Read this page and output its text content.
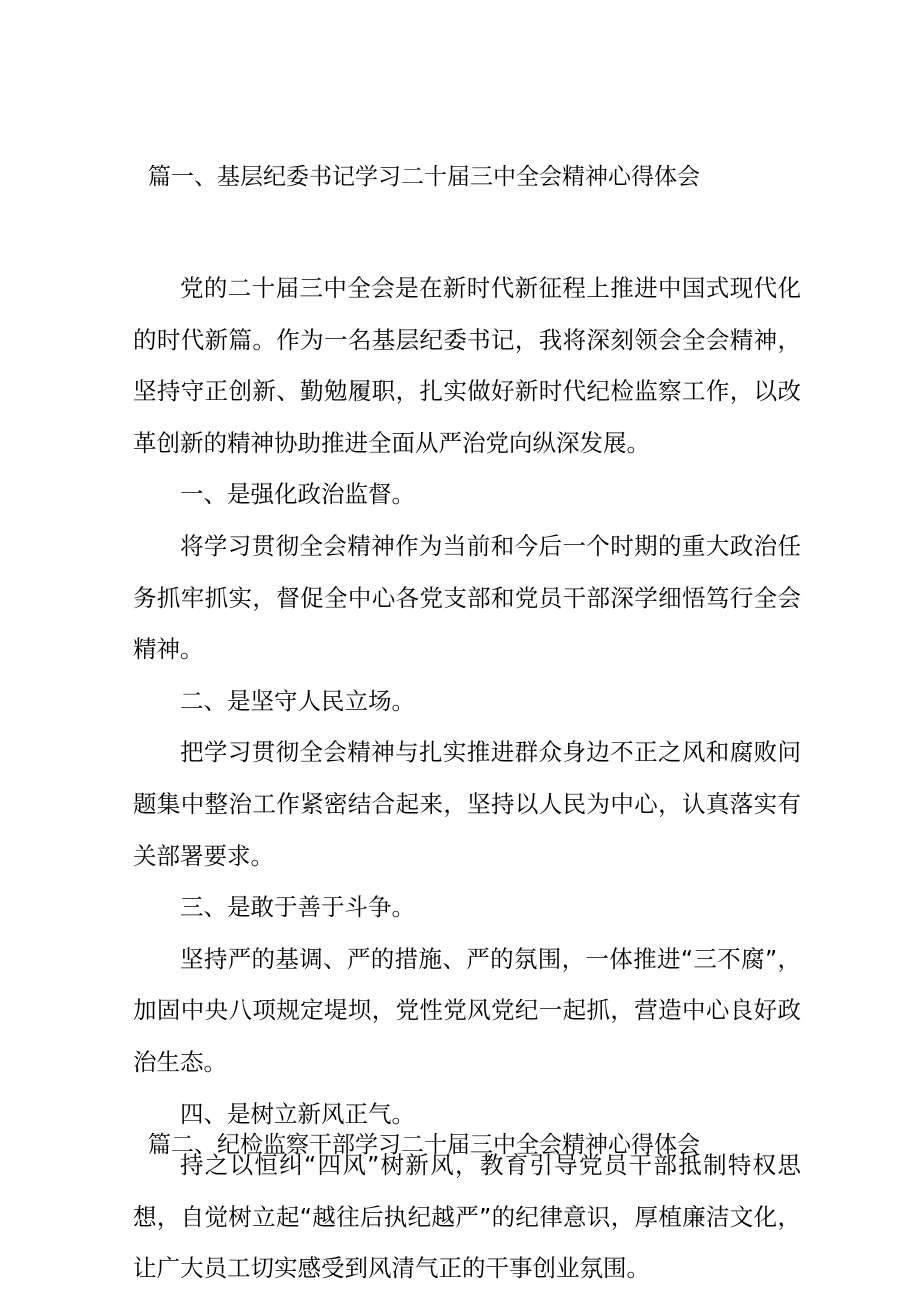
篇一、基层纪委书记学习二十届三中全会精神心得体会

党的二十届三中全会是在新时代新征程上推进中国式现代化的时代新篇。作为一名基层纪委书记，我将深刻领会全会精神，坚持守正创新、勤勉履职，扎实做好新时代纪检监察工作，以改革创新的精神协助推进全面从严治党向纵深发展。

一、是强化政治监督。

将学习贯彻全会精神作为当前和今后一个时期的重大政治任务抓牢抓实，督促全中心各党支部和党员干部深学细悟笃行全会精神。

二、是坚守人民立场。

把学习贯彻全会精神与扎实推进群众身边不正之风和腐败问题集中整治工作紧密结合起来，坚持以人民为中心，认真落实有关部署要求。

三、是敢于善于斗争。

坚持严的基调、严的措施、严的氛围，一体推进“三不腐”，加固中央八项规定堤坝，党性党风党纪一起抓，营造中心良好政治生态。

四、是树立新风正气。

持之以恒纠“四风”树新风，教育引导党员干部抵制特权思想，自觉树立起“越往后执纪越严”的纪律意识，厚植廉洁文化，让广大员工切实感受到风清气正的干事创业氛围。

篇二、纪检监察干部学习二十届三中全会精神心得体会
